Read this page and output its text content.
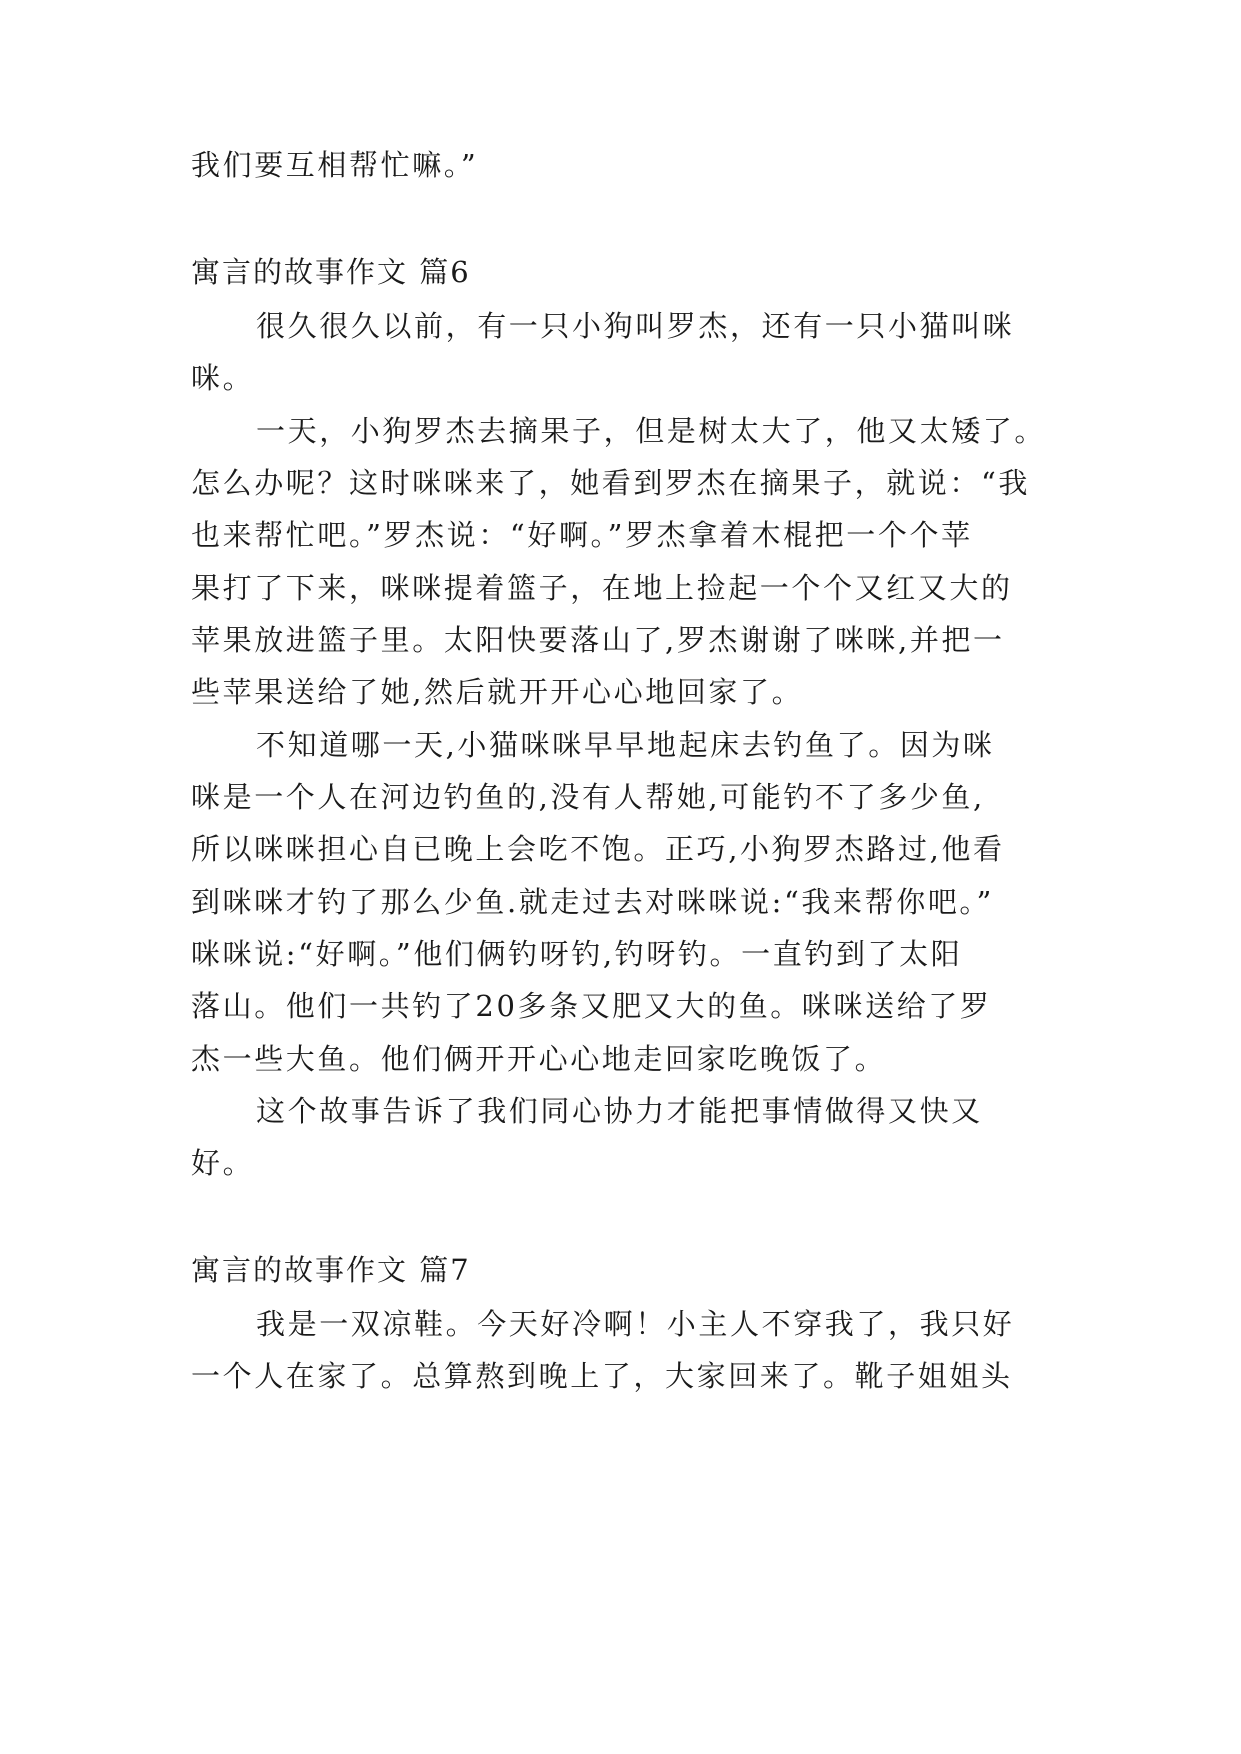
我们要互相帮忙嘛。”
寓言的故事作文 篇6
很久很久以前，有一只小狗叫罗杰，还有一只小猫叫咪
咪。
一天，小狗罗杰去摘果子，但是树太大了，他又太矮了。
怎么办呢？这时咪咪来了，她看到罗杰在摘果子，就说：“我
也来帮忙吧。”罗杰说：“好啊。”罗杰拿着木棍把一个个苹
果打了下来，咪咪提着篮子，在地上捡起一个个又红又大的
苹果放进篮子里。太阳快要落山了,罗杰谢谢了咪咪,并把一
些苹果送给了她,然后就开开心心地回家了。
不知道哪一天,小猫咪咪早早地起床去钓鱼了。因为咪
咪是一个人在河边钓鱼的,没有人帮她,可能钓不了多少鱼,
所以咪咪担心自已晚上会吃不饱。正巧,小狗罗杰路过,他看
到咪咪才钓了那么少鱼.就走过去对咪咪说:“我来帮你吧。”
咪咪说:“好啊。”他们俩钓呀钓,钓呀钓。一直钓到了太阳
落山。他们一共钓了20多条又肥又大的鱼。咪咪送给了罗
杰一些大鱼。他们俩开开心心地走回家吃晚饭了。
这个故事告诉了我们同心协力才能把事情做得又快又
好。
寓言的故事作文 篇7
我是一双凉鞋。今天好冷啊！小主人不穿我了，我只好
一个人在家了。总算熬到晚上了，大家回来了。靴子姐姐头
